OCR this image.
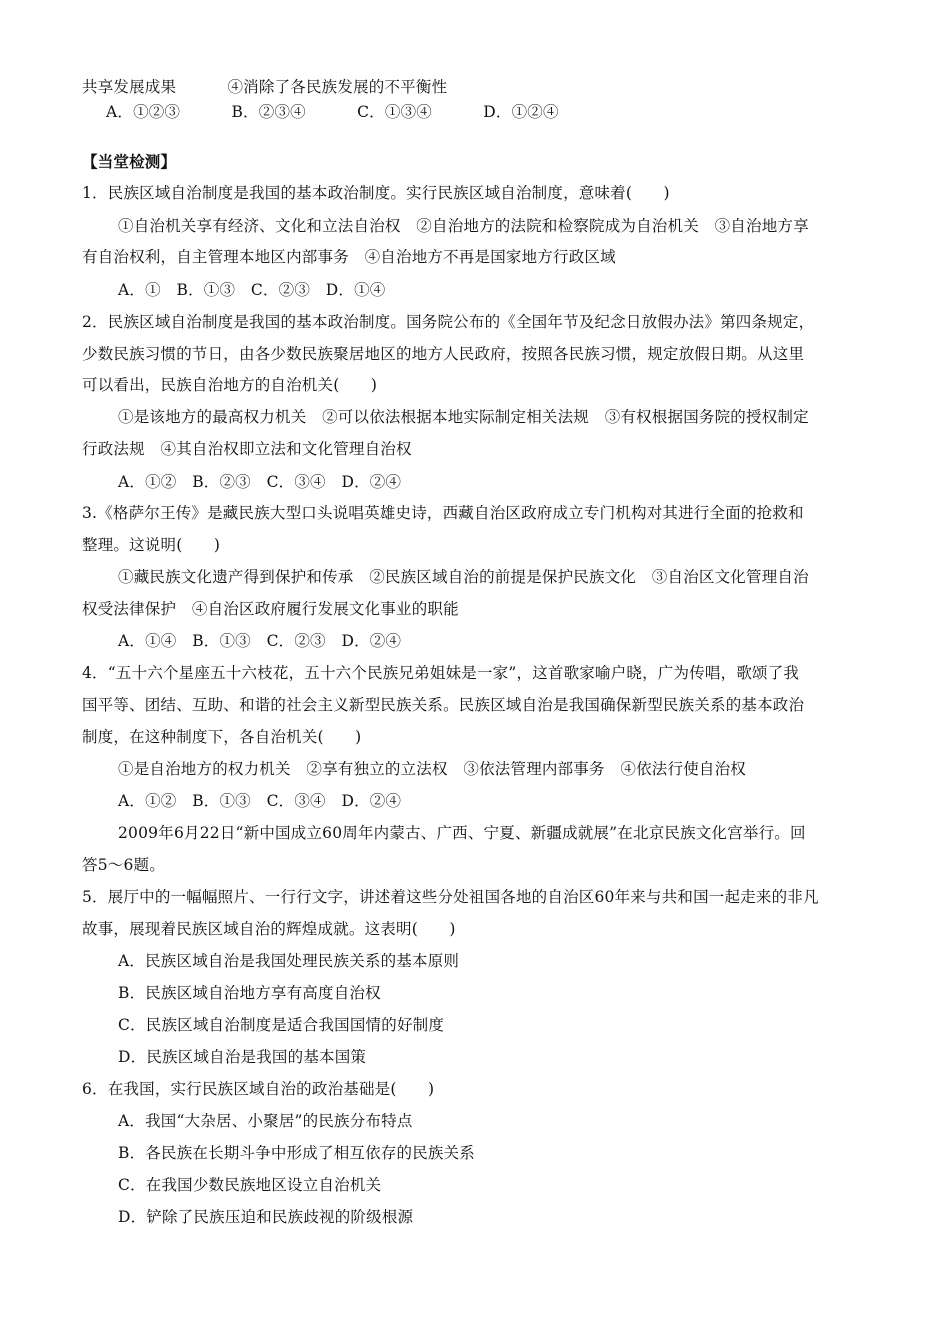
共享发展成果          ④消除了各民族发展的不平衡性
A．①②③          B．②③④          C．①③④          D．①②④
【当堂检测】
1．民族区域自治制度是我国的基本政治制度。实行民族区域自治制度，意味着(　　)
①自治机关享有经济、文化和立法自治权　②自治地方的法院和检察院成为自治机关　③自治地方享
有自治权利，自主管理本地区内部事务　④自治地方不再是国家地方行政区域
A．①　B．①③　C．②③　D．①④
2．民族区域自治制度是我国的基本政治制度。国务院公布的《全国年节及纪念日放假办法》第四条规定，
少数民族习惯的节日，由各少数民族聚居地区的地方人民政府，按照各民族习惯，规定放假日期。从这里
可以看出，民族自治地方的自治机关(　　)
①是该地方的最高权力机关　②可以依法根据本地实际制定相关法规　③有权根据国务院的授权制定
行政法规　④其自治权即立法和文化管理自治权
A．①②　B．②③　C．③④　D．②④
3.《格萨尔王传》是藏民族大型口头说唱英雄史诗，西藏自治区政府成立专门机构对其进行全面的抢救和
整理。这说明(　　)
①藏民族文化遗产得到保护和传承　②民族区域自治的前提是保护民族文化　③自治区文化管理自治
权受法律保护　④自治区政府履行发展文化事业的职能
A．①④　B．①③　C．②③　D．②④
4．“五十六个星座五十六枝花，五十六个民族兄弟姐妹是一家”，这首歌家喻户晓，广为传唱，歌颂了我
国平等、团结、互助、和谐的社会主义新型民族关系。民族区域自治是我国确保新型民族关系的基本政治
制度，在这种制度下，各自治机关(　　)
①是自治地方的权力机关　②享有独立的立法权　③依法管理内部事务　④依法行使自治权
A．①②　B．①③　C．③④　D．②④
2009年6月22日“新中国成立60周年内蒙古、广西、宁夏、新疆成就展”在北京民族文化宫举行。回
答5～6题。
5．展厅中的一幅幅照片、一行行文字，讲述着这些分处祖国各地的自治区60年来与共和国一起走来的非凡
故事，展现着民族区域自治的辉煌成就。这表明(　　)
A．民族区域自治是我国处理民族关系的基本原则
B．民族区域自治地方享有高度自治权
C．民族区域自治制度是适合我国国情的好制度
D．民族区域自治是我国的基本国策
6．在我国，实行民族区域自治的政治基础是(　　)
A．我国“大杂居、小聚居”的民族分布特点
B．各民族在长期斗争中形成了相互依存的民族关系
C．在我国少数民族地区设立自治机关
D．铲除了民族压迫和民族歧视的阶级根源
